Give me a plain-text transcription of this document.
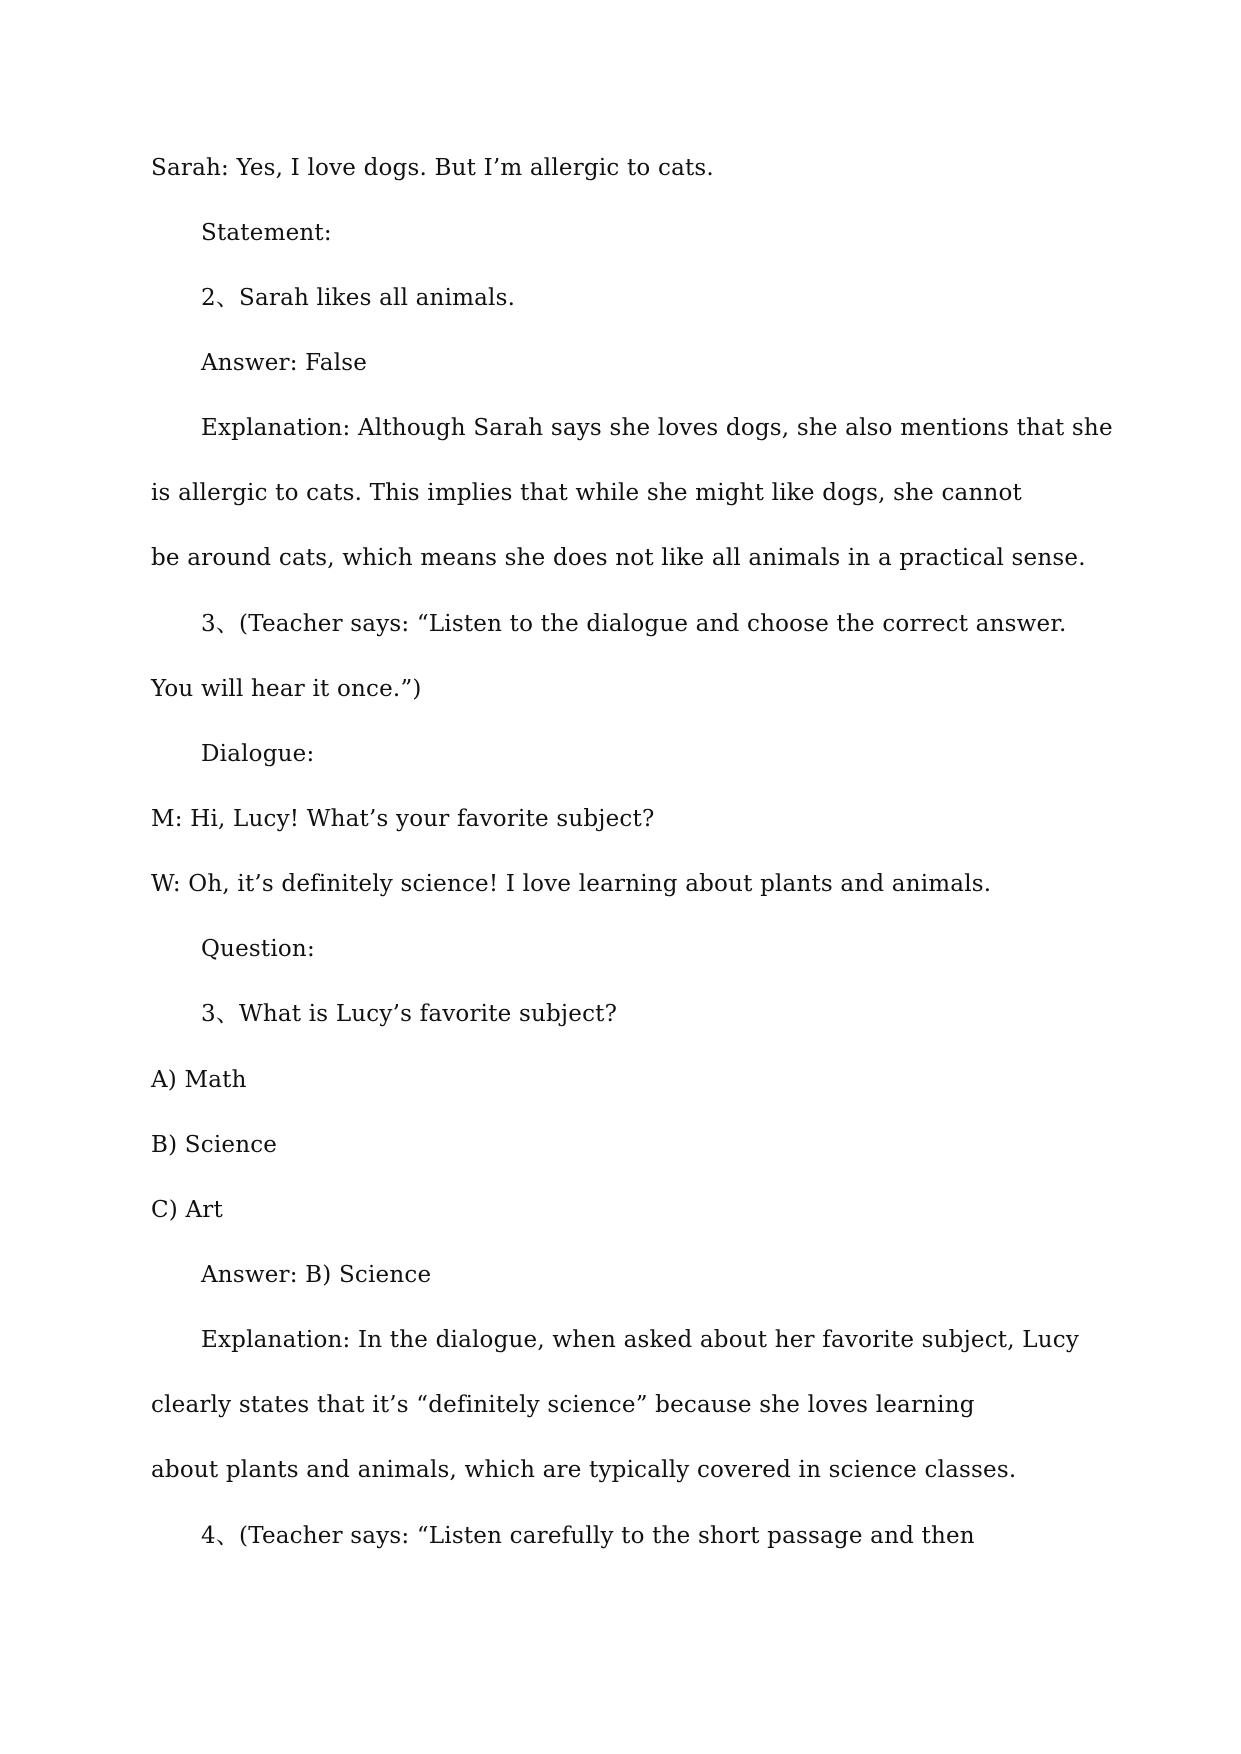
Sarah: Yes, I love dogs. But I’m allergic to cats.
Statement:
2、Sarah likes all animals.
Answer: False
Explanation: Although Sarah says she loves dogs, she also mentions that she
is allergic to cats. This implies that while she might like dogs, she cannot
be around cats, which means she does not like all animals in a practical sense.
3、(Teacher says: “Listen to the dialogue and choose the correct answer.
You will hear it once.”)
Dialogue:
M: Hi, Lucy! What’s your favorite subject?
W: Oh, it’s definitely science! I love learning about plants and animals.
Question:
3、What is Lucy’s favorite subject?
A) Math
B) Science
C) Art
Answer: B) Science
Explanation: In the dialogue, when asked about her favorite subject, Lucy
clearly states that it’s “definitely science” because she loves learning
about plants and animals, which are typically covered in science classes.
4、(Teacher says: “Listen carefully to the short passage and then
